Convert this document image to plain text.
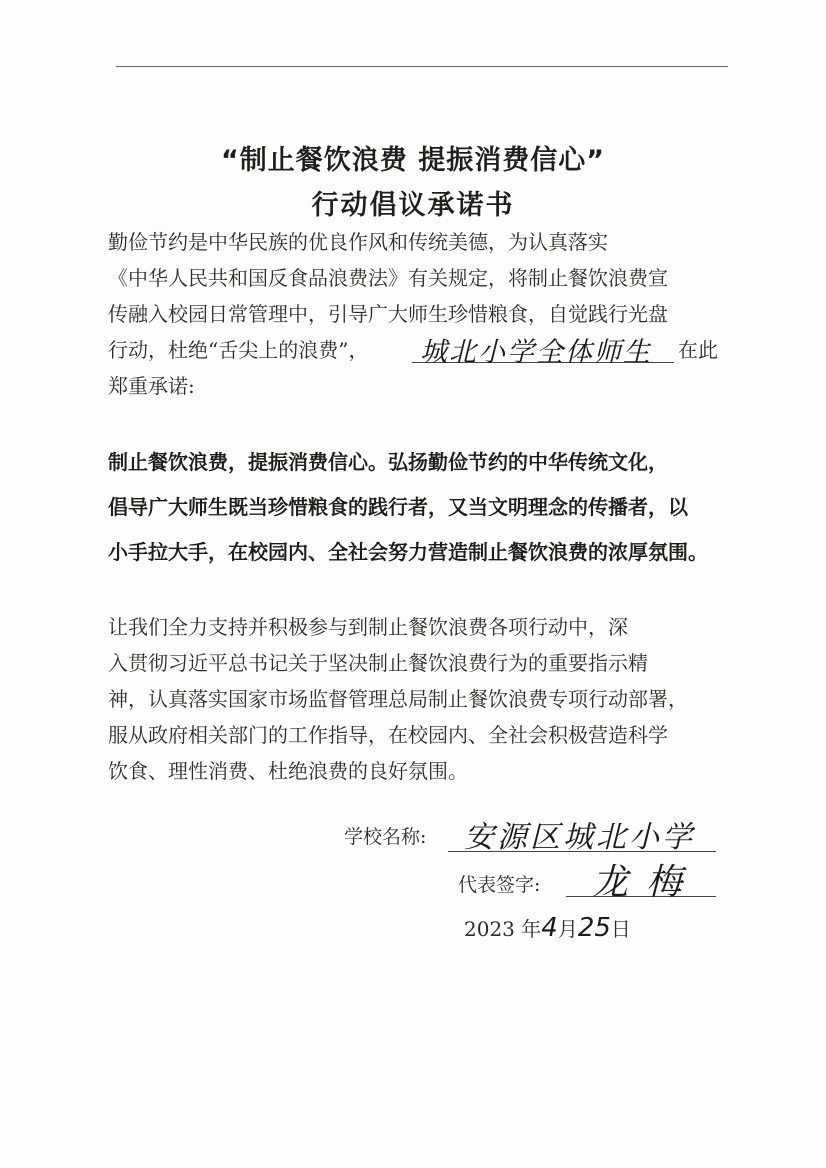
“制止餐饮浪费 提振消费信心”
行动倡议承诺书
勤俭节约是中华民族的优良作风和传统美德，为认真落实
《中华人民共和国反食品浪费法》有关规定，将制止餐饮浪费宣
传融入校园日常管理中，引导广大师生珍惜粮食，自觉践行光盘
行动，杜绝“舌尖上的浪费”，	在此
郑重承诺:
城北小学全体师生
制止餐饮浪费，提振消费信心。弘扬勤俭节约的中华传统文化，
倡导广大师生既当珍惜粮食的践行者，又当文明理念的传播者，以
小手拉大手，在校园内、全社会努力营造制止餐饮浪费的浓厚氛围。
让我们全力支持并积极参与到制止餐饮浪费各项行动中，深
入贯彻习近平总书记关于坚决制止餐饮浪费行为的重要指示精
神，认真落实国家市场监督管理总局制止餐饮浪费专项行动部署，
服从政府相关部门的工作指导，在校园内、全社会积极营造科学
饮食、理性消费、杜绝浪费的良好氛围。
学校名称: 安源区城北小学
代表签字: 龙梅
2023 年4月25日
